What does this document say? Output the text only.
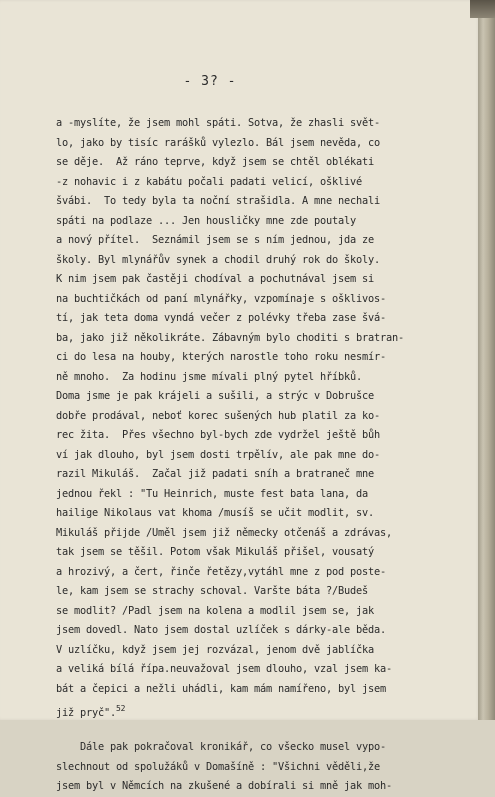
- 3? -
a -myslíte, že jsem mohl spáti. Sotva, že zhasli svět-
lo, jako by tisíc rarášků vylezlo. Bál jsem nevěda, co
se děje.  Až ráno teprve, když jsem se chtěl oblékati
-z nohavic i z kabátu počali padati velicí, ošklivé
švábi.  To tedy byla ta noční strašidla. A mne nechali
spáti na podlaze ... Jen housličky mne zde poutaly
a nový přítel.  Seznámil jsem se s ním jednou, jda ze
školy. Byl mlynářův synek a chodil druhý rok do školy.
K nim jsem pak častěji chodíval a pochutnával jsem si
na buchtičkách od paní mlynářky, vzpomínaje s ošklivos-
tí, jak teta doma vyndá večer z polévky třeba zase švá-
ba, jako již několikráte. Zábavným bylo choditi s bratran-
ci do lesa na houby, kterých narostle toho roku nesmír-
ně mnoho.  Za hodinu jsme mívali plný pytel hříbků.
Doma jsme je pak krájeli a sušili, a strýc v Dobrušce
dobře prodával, neboť korec sušených hub platil za ko-
rec žita.  Přes všechno byl-bych zde vydržel ještě bůh
ví jak dlouho, byl jsem dosti trpělív, ale pak mne do-
razil Mikuláš.  Začal již padati sníh a bratraneč mne
jednou řekl : "Tu Heinrich, muste fest bata lana, da
hailige Nikolaus vat khoma /musíš se učit modlit, sv.
Mikuláš přijde /Uměl jsem již německy otčenáš a zdrávas,
tak jsem se těšil. Potom však Mikuláš přišel, vousatý
a hrozivý, a čert, řinče řetězy,vytáhl mne z pod poste-
le, kam jsem se strachy schoval. Varšte báta ?/Budeš
se modlit? /Padl jsem na kolena a modlil jsem se, jak
jsem dovedl. Nato jsem dostal uzlíček s dárky-ale běda.
V uzlíčku, když jsem jej rozvázal, jenom dvě jablíčka
a veliká bílá řípa.neuvažoval jsem dlouho, vzal jsem ka-
bát a čepici a nežli uhádli, kam mám namířeno, byl jsem
již pryč".$^{52}$
Dále pak pokračoval kronikář, co všecko musel vypo-
slechnout od spolužáků v Domašíně : "Všichni věděli,že
jsem byl v Němcích na zkušené a dobírali si mně jak moh-
